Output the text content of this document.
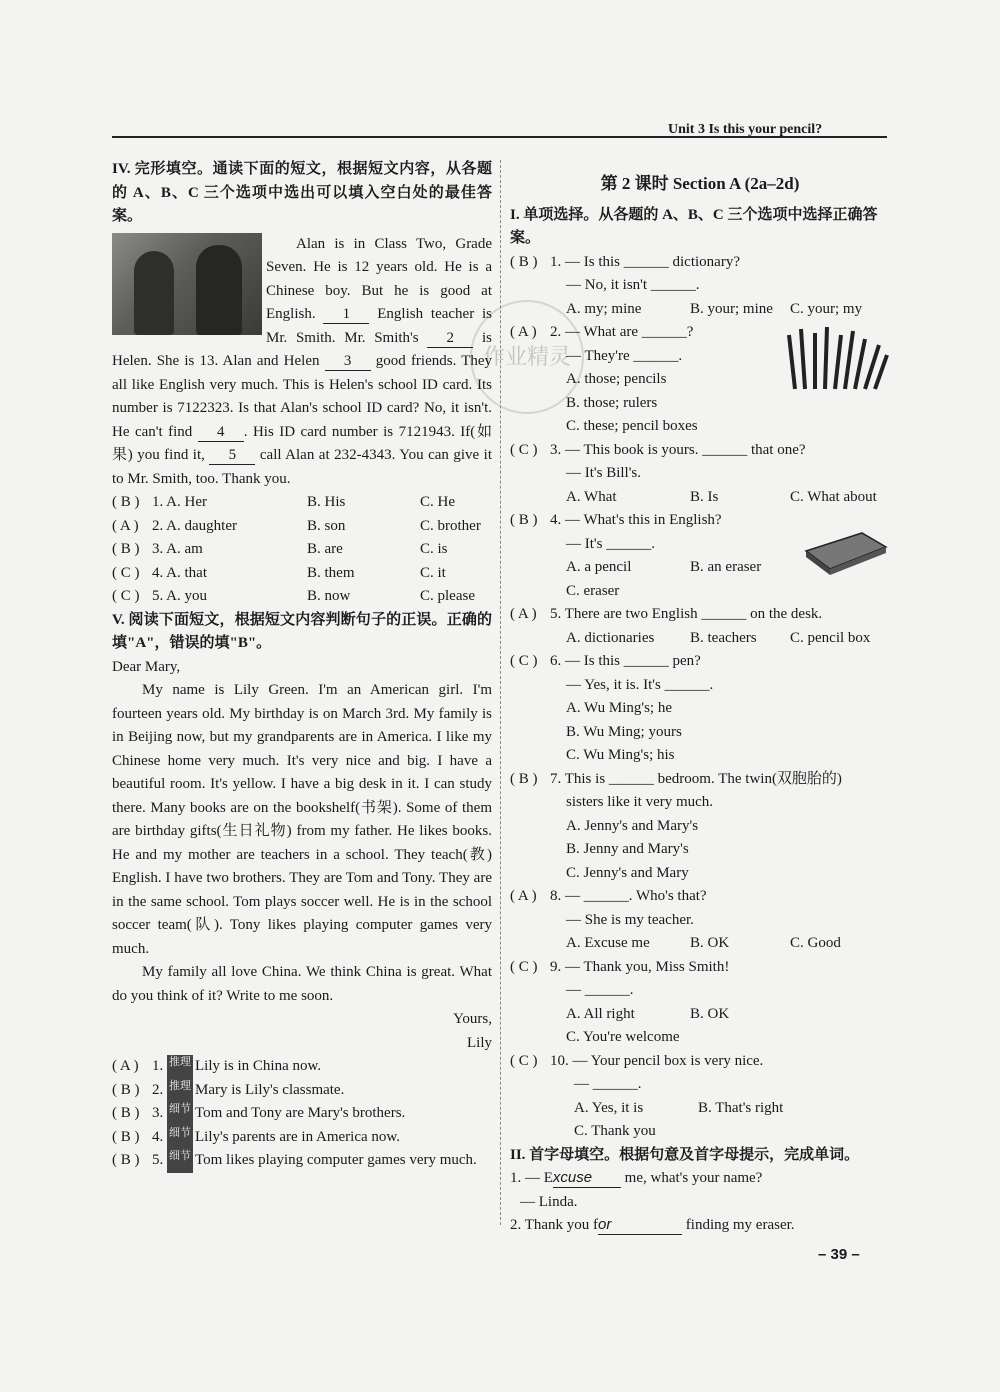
Unit 3 Is this your pencil?
作业精灵
IV. 完形填空。通读下面的短文，根据短文内容，从各题的 A、B、C 三个选项中选出可以填入空白处的最佳答案。
Alan is in Class Two, Grade Seven. He is 12 years old. He is a Chinese boy. But he is good at English. 1 English teacher is Mr. Smith. Mr. Smith's 2 is Helen. She is 13. Alan and Helen 3 good friends. They all like English very much. This is Helen's school ID card. Its number is 7122323. Is that Alan's school ID card? No, it isn't. He can't find 4 . His ID card number is 7121943. If(如果) you find it, 5 call Alan at 232-4343. You can give it to Mr. Smith, too. Thank you.
( B ) 1. A. Her	B. His	C. He
( A ) 2. A. daughter	B. son	C. brother
( B ) 3. A. am	B. are	C. is
( C ) 4. A. that	B. them	C. it
( C ) 5. A. you	B. now	C. please
V. 阅读下面短文，根据短文内容判断句子的正误。正确的填"A"，错误的填"B"。
Dear Mary,
My name is Lily Green. I'm an American girl. I'm fourteen years old. My birthday is on March 3rd. My family is in Beijing now, but my grandparents are in America. I like my Chinese home very much. It's very nice and big. I have a beautiful room. It's yellow. I have a big desk in it. I can study there. Many books are on the bookshelf(书架). Some of them are birthday gifts(生日礼物) from my father. He likes books. He and my mother are teachers in a school. They teach(教) English. I have two brothers. They are Tom and Tony. They are in the same school. Tom plays soccer well. He is in the school soccer team(队). Tony likes playing computer games very much.
My family all love China. We think China is great. What do you think of it? Write to me soon.
Yours,
Lily
( A ) 1.
推理 Lily is in China now.
( B ) 2.
推理 Mary is Lily's classmate.
( B ) 3.
细节 Tom and Tony are Mary's brothers.
( B ) 4.
细节 Lily's parents are in America now.
( B ) 5.
细节 Tom likes playing computer games very much.
第 2 课时 Section A (2a–2d)
I. 单项选择。从各题的 A、B、C 三个选项中选择正确答案。
( B ) 1. — Is this ______ dictionary?
— No, it isn't ______.
A. my; mine	B. your; mine	C. your; my
( A ) 2. — What are ______?
— They're ______.
A. those; pencils
B. those; rulers
C. these; pencil boxes
( C ) 3. — This book is yours. ______ that one?
— It's Bill's.
A. What	B. Is	C. What about
( B ) 4. — What's this in English?
— It's ______.
A. a pencil	B. an eraser
C. eraser
( A ) 5. There are two English ______ on the desk.
A. dictionaries	B. teachers	C. pencil box
( C ) 6. — Is this ______ pen?
— Yes, it is. It's ______.
A. Wu Ming's; he
B. Wu Ming; yours
C. Wu Ming's; his
( B ) 7. This is ______ bedroom. The twin(双胞胎的)
sisters like it very much.
A. Jenny's and Mary's
B. Jenny and Mary's
C. Jenny's and Mary
( A ) 8. — ______. Who's that?
— She is my teacher.
A. Excuse me	B. OK	C. Good
( C ) 9. — Thank you, Miss Smith!
— ______.
A. All right	B. OK
C. You're welcome
( C ) 10. — Your pencil box is very nice.
— ______.
A. Yes, it is	B. That's right
C. Thank you
II. 首字母填空。根据句意及首字母提示，完成单词。
1. — Excuse me, what's your name?
— Linda.
2. Thank you for	finding my eraser.
– 39 –
